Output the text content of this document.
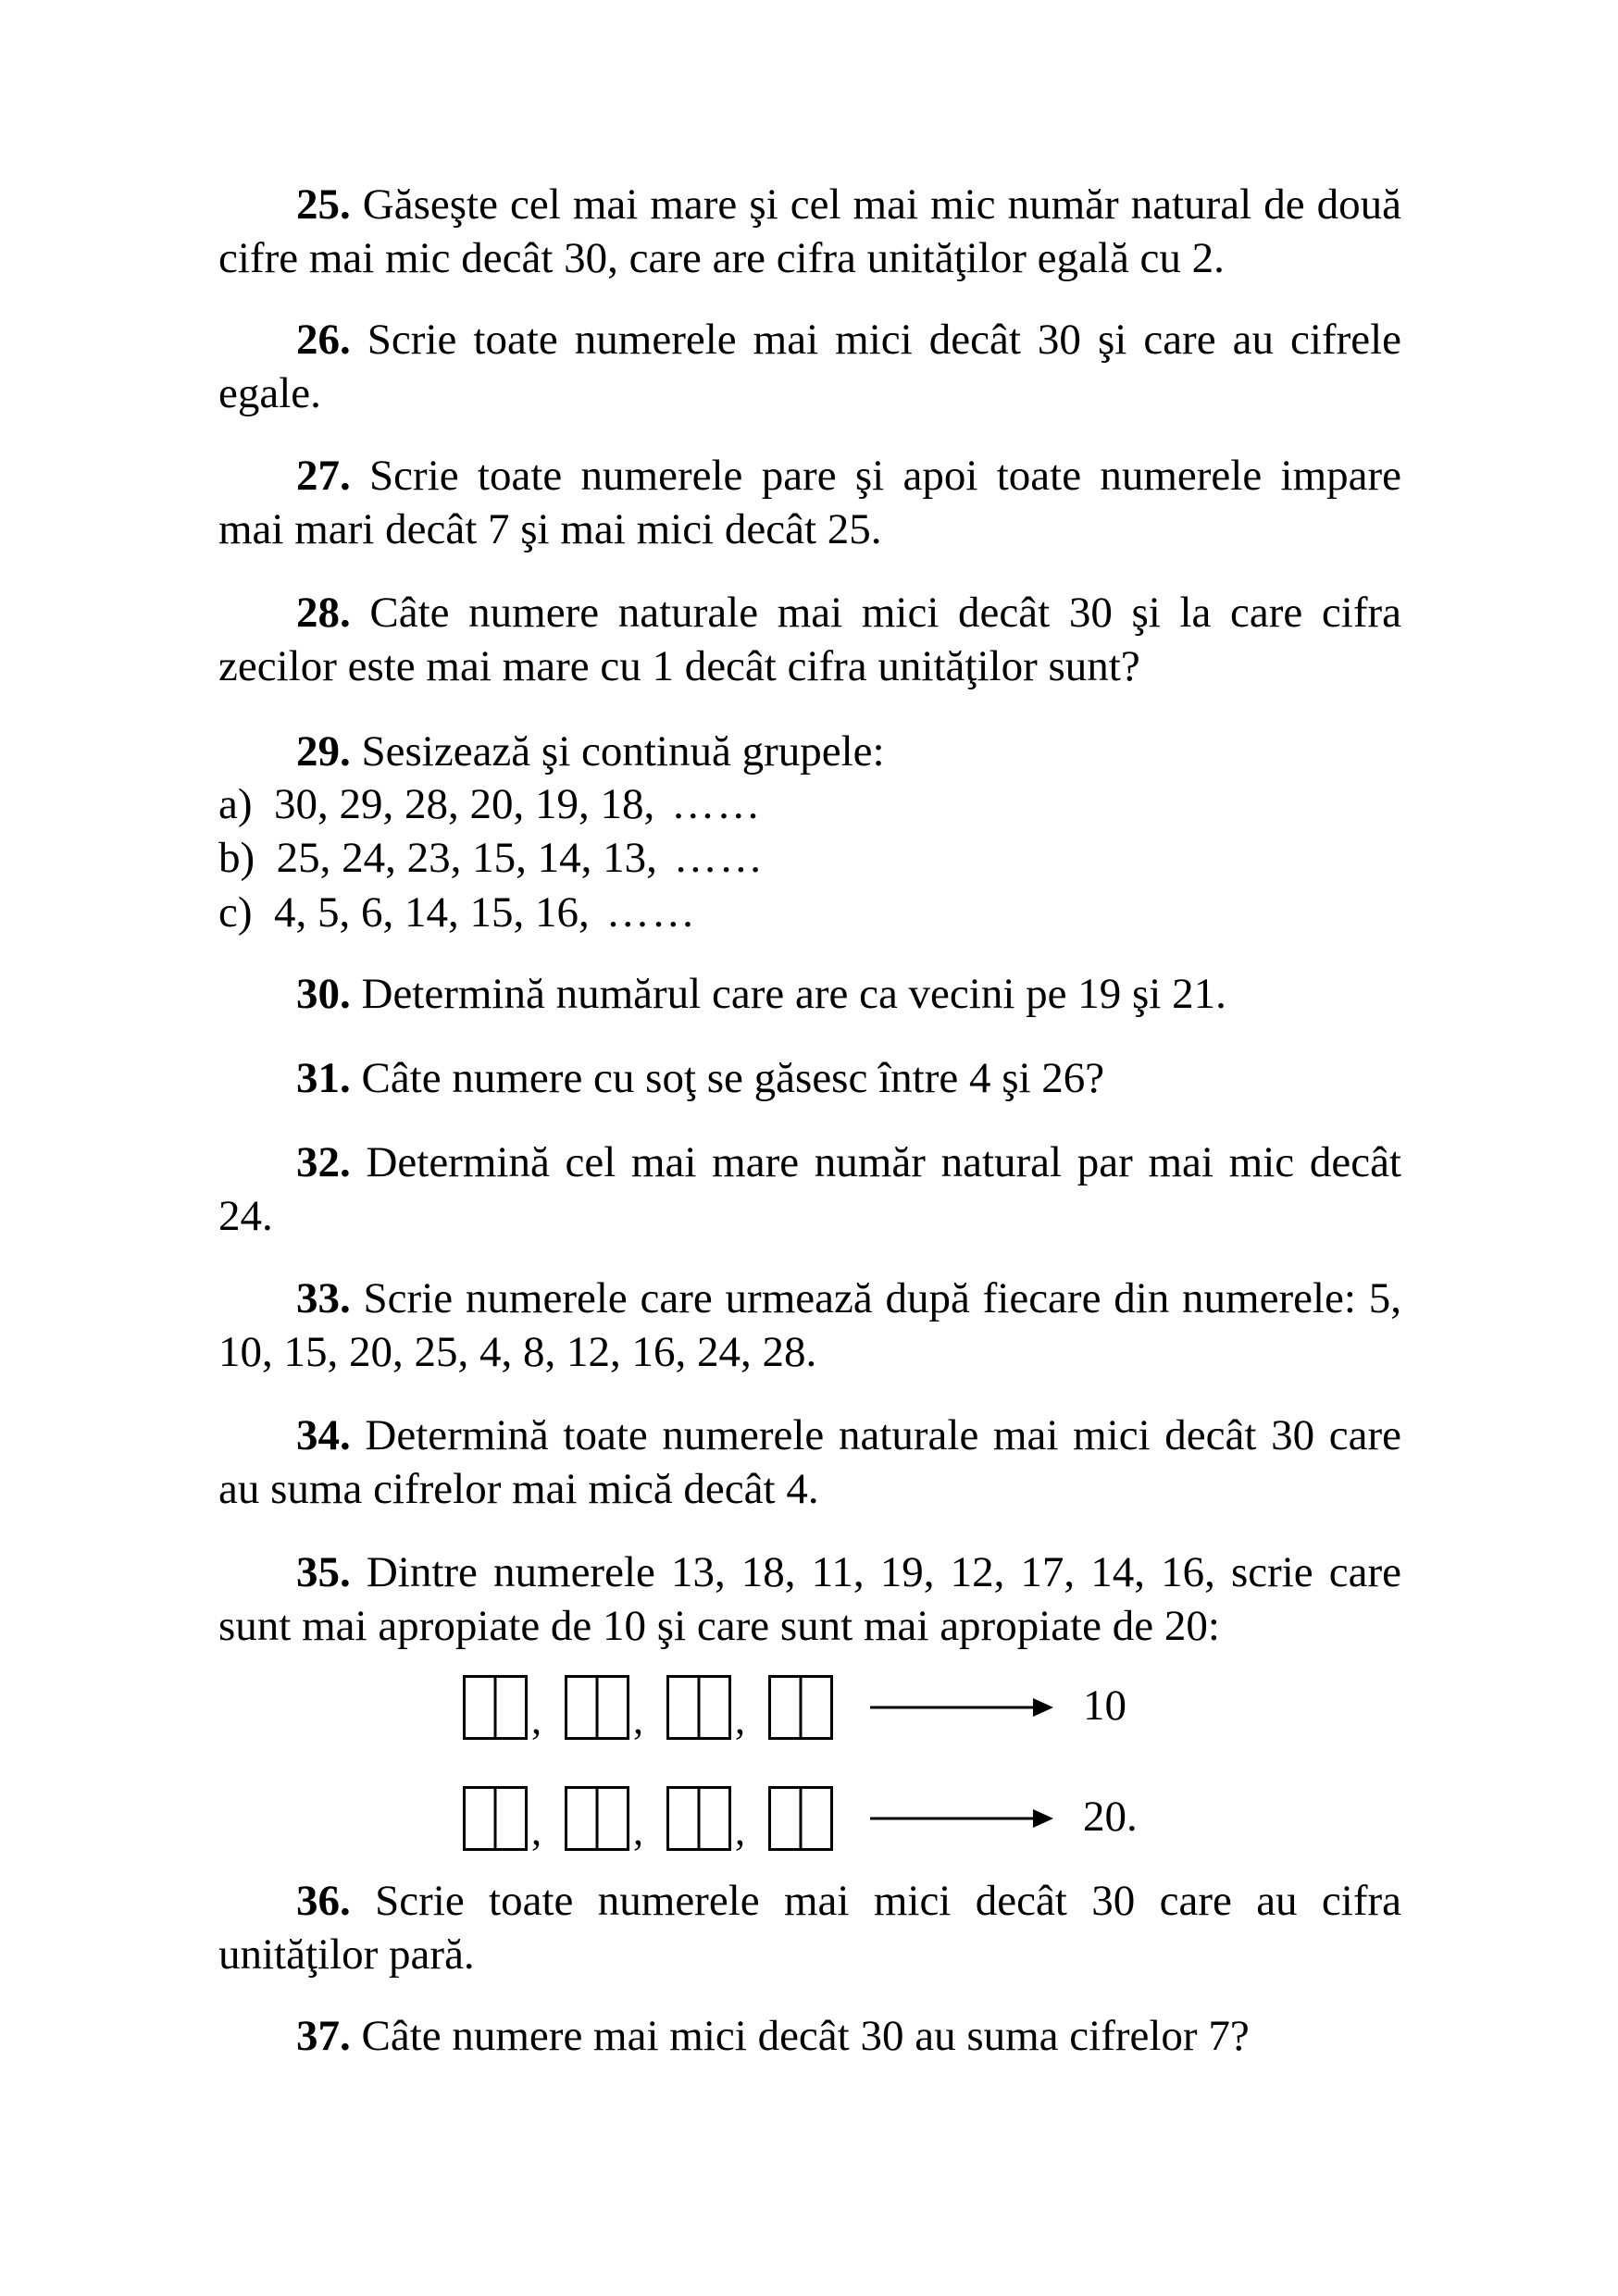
25. Găseşte cel mai mare şi cel mai mic număr natural de două cifre mai mic decât 30, care are cifra unităţilor egală cu 2.

26. Scrie toate numerele mai mici decât 30 şi care au cifrele egale.

27. Scrie toate numerele pare şi apoi toate numerele impare mai mari decât 7 şi mai mici decât 25.

28. Câte numere naturale mai mici decât 30 şi la care cifra zecilor este mai mare cu 1 decât cifra unităţilor sunt?

29. Sesizează şi continuă grupele:

a) 30, 29, 28, 20, 19, 18, ……

b) 25, 24, 23, 15, 14, 13, ……

c) 4, 5, 6, 14, 15, 16, ……

30. Determină numărul care are ca vecini pe 19 şi 21.

31. Câte numere cu soţ se găsesc între 4 şi 26?

32. Determină cel mai mare număr natural par mai mic decât 24.

33. Scrie numerele care urmează după fiecare din numerele: 5, 10, 15, 20, 25, 4, 8, 12, 16, 24, 28.

34. Determină toate numerele naturale mai mici decât 30 care au suma cifrelor mai mică decât 4.

35. Dintre numerele 13, 18, 11, 19, 12, 17, 14, 16, scrie care sunt mai apropiate de 10 şi care sunt mai apropiate de 20:

, , ,	10
, , ,	20.

36. Scrie toate numerele mai mici decât 30 care au cifra unităţilor pară.

37. Câte numere mai mici decât 30 au suma cifrelor 7?
